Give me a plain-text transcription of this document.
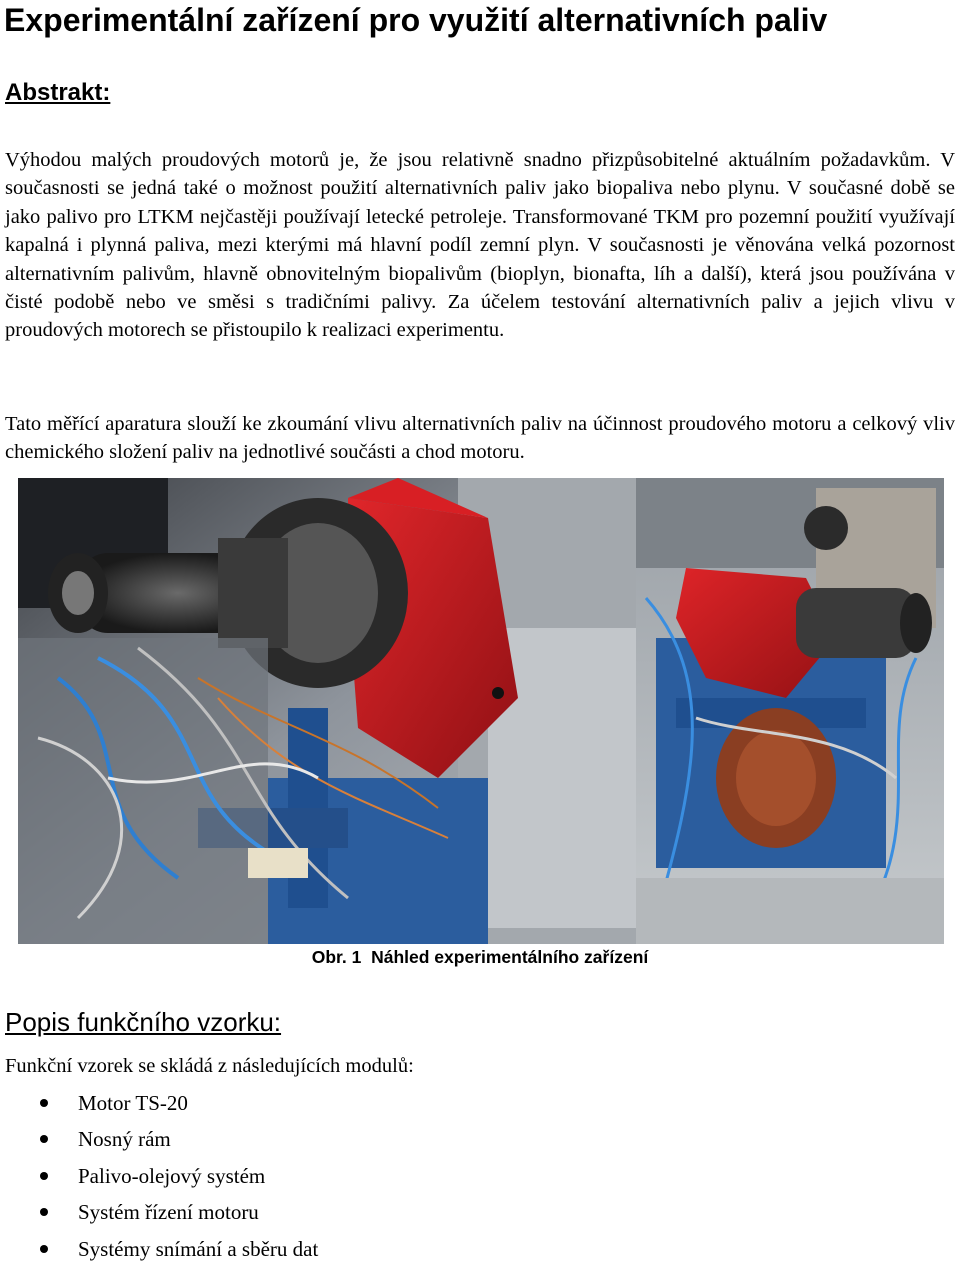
Experimentální zařízení pro využití alternativních paliv
Abstrakt:

Výhodou malých proudových motorů je, že jsou relativně snadno přizpůsobitelné aktuálním požadavkům. V současnosti se jedná také o možnost použití alternativních paliv jako biopaliva nebo plynu. V současné době se jako palivo pro LTKM nejčastěji používají letecké petroleje. Transformované TKM pro pozemní použití využívají kapalná i plynná paliva, mezi kterými má hlavní podíl zemní plyn. V současnosti je věnována velká pozornost alternativním palivům, hlavně obnovitelným biopalivům (bioplyn, bionafta, líh a další), která jsou používána v čisté podobě nebo ve směsi s tradičními palivy. Za účelem testování alternativních paliv a jejich vlivu v proudových motorech se přistoupilo k realizaci experimentu.

Tato měřící aparatura slouží ke zkoumání vlivu alternativních paliv na účinnost proudového motoru a celkový vliv chemického složení paliv na jednotlivé součásti a chod motoru.

Obr. 1 Náhled experimentálního zařízení

Popis funkčního vzorku:

Funkční vzorek se skládá z následujících modulů:

Motor TS-20
Nosný rám
Palivo-olejový systém
Systém řízení motoru
Systémy snímání a sběru dat
